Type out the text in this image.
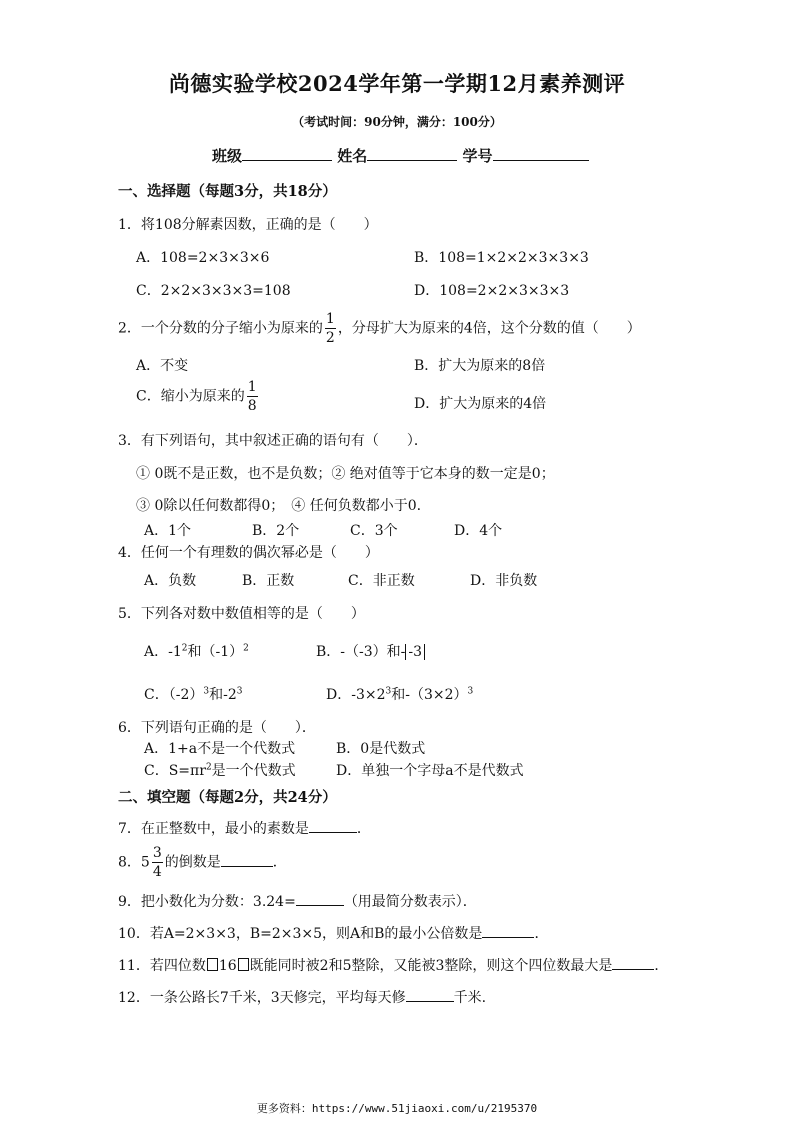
尚德实验学校2024学年第一学期12月素养测评
（考试时间：90分钟，满分：100分）
班级	姓名	学号
一、选择题（每题3分，共18分）
1．将108分解素因数，正确的是（　　）
A．108=2×3×3×6	B．108=1×2×2×3×3×3
C．2×2×3×3×3=108	D．108=2×2×3×3×3
2．一个分数的分子缩小为原来的 $\frac{1}{2}$ ，分母扩大为原来的4倍，这个分数的值（　　）
A．不变	B．扩大为原来的8倍
C．缩小为原来的 $\frac{1}{8}$	D．扩大为原来的4倍
3．有下列语句，其中叙述正确的语句有（　　）．
① 0既不是正数，也不是负数；② 绝对值等于它本身的数一定是0；
③ 0除以任何数都得0；　④ 任何负数都小于0.
A．1个	B．2个	C．3个	D．4个
4．任何一个有理数的偶次幂必是（　　）
A．负数	B．正数	C．非正数	D．非负数
5．下列各对数中数值相等的是（　　）
A．$-1^2$和$(-1)^2$	B．-（-3）和- -3
C．$(-2)^3$和$-2^3$	D．$-3\times 2^3$和$-(3\times 2)^3$
6．下列语句正确的是（　　）．
A．1+a不是一个代数式	B．0是代数式
C．$S=\pi r^2$是一个代数式	D．单独一个字母a不是代数式
二、填空题（每题2分，共24分）
7．在正整数中，最小的素数是	．
8．$5 \frac{3}{4}$ 的倒数是	．
9．把小数化为分数：3.24=	（用最简分数表示）．
10．若A=2×3×3，B=2×3×5，则A和B的最小公倍数是	．
11．若四位数 16 既能同时被2和5整除，又能被3整除，则这个四位数最大是	．
12．一条公路长7千米，3天修完，平均每天修	千米.
更多资料：https://www.51jiaoxi.com/u/2195370
